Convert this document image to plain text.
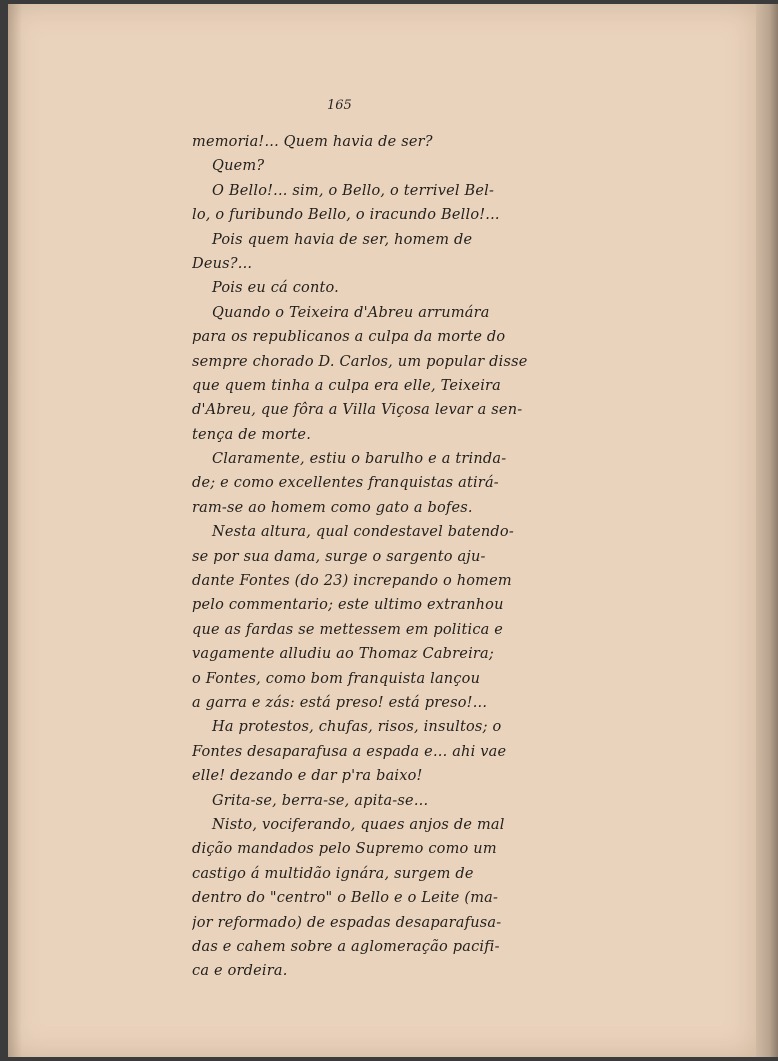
165
memoria!... Quem havia de ser?
Quem?
O Bello!... sim, o Bello, o terrivel Bel-
lo, o furibundo Bello, o iracundo Bello!...
Pois quem havia de ser, homem de
Deus?...
Pois eu cá conto.
Quando o Teixeira d'Abreu arrumára
para os republicanos a culpa da morte do
sempre chorado D. Carlos, um popular disse
que quem tinha a culpa era elle, Teixeira
d'Abreu, que fôra a Villa Viçosa levar a sen-
tença de morte.
Claramente, estiu o barulho e a trinda-
de; e como excellentes franquistas atirá-
ram-se ao homem como gato a bofes.
Nesta altura, qual condestavel batendo-
se por sua dama, surge o sargento aju-
dante Fontes (do 23) increpando o homem
pelo commentario; este ultimo extranhou
que as fardas se mettessem em politica e
vagamente alludiu ao Thomaz Cabreira;
o Fontes, como bom franquista lançou
a garra e zás: está preso! está preso!...
Ha protestos, chufas, risos, insultos; o
Fontes desaparafusa a espada e... ahi vae
elle! dezando e dar p'ra baixo!
Grita-se, berra-se, apita-se...
Nisto, vociferando, quaes anjos de mal
dição mandados pelo Supremo como um
castigo á multidão ignára, surgem de
dentro do "centro" o Bello e o Leite (ma-
jor reformado) de espadas desaparafusa-
das e cahem sobre a aglomeração pacifi-
ca e ordeira.
